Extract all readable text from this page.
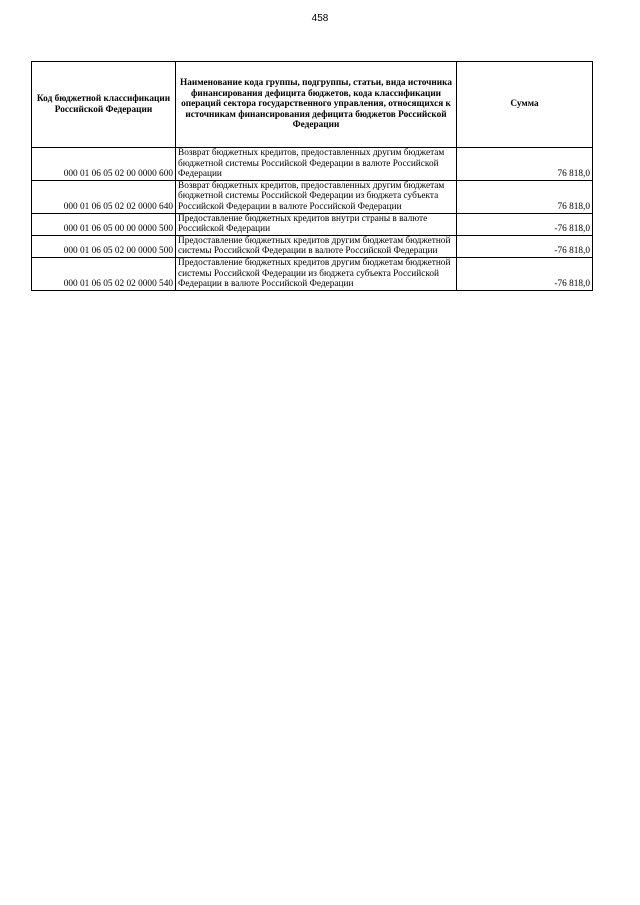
458
Код бюджетной классификации Российской Федерации	Наименование кода группы, подгруппы, статьи, вида источника финансирования дефицита бюджетов, кода классификации операций сектора государственного управления, относящихся к источникам финансирования дефицита бюджетов Российской Федерации	Сумма
000 01 06 05 02 00 0000 600	Возврат бюджетных кредитов, предоставленных другим бюджетам бюджетной системы Российской Федерации в валюте Российской Федерации	76 818,0
000 01 06 05 02 02 0000 640	Возврат бюджетных кредитов, предоставленных другим бюджетам бюджетной системы Российской Федерации из бюджета субъекта Российской Федерации в валюте Российской Федерации	76 818,0
000 01 06 05 00 00 0000 500	Предоставление бюджетных кредитов внутри страны в валюте Российской Федерации	-76 818,0
000 01 06 05 02 00 0000 500	Предоставление бюджетных кредитов другим бюджетам бюджетной системы Российской Федерации в валюте Российской Федерации	-76 818,0
000 01 06 05 02 02 0000 540	Предоставление бюджетных кредитов другим бюджетам бюджетной системы Российской Федерации из бюджета субъекта Российской Федерации в валюте Российской Федерации	-76 818,0
